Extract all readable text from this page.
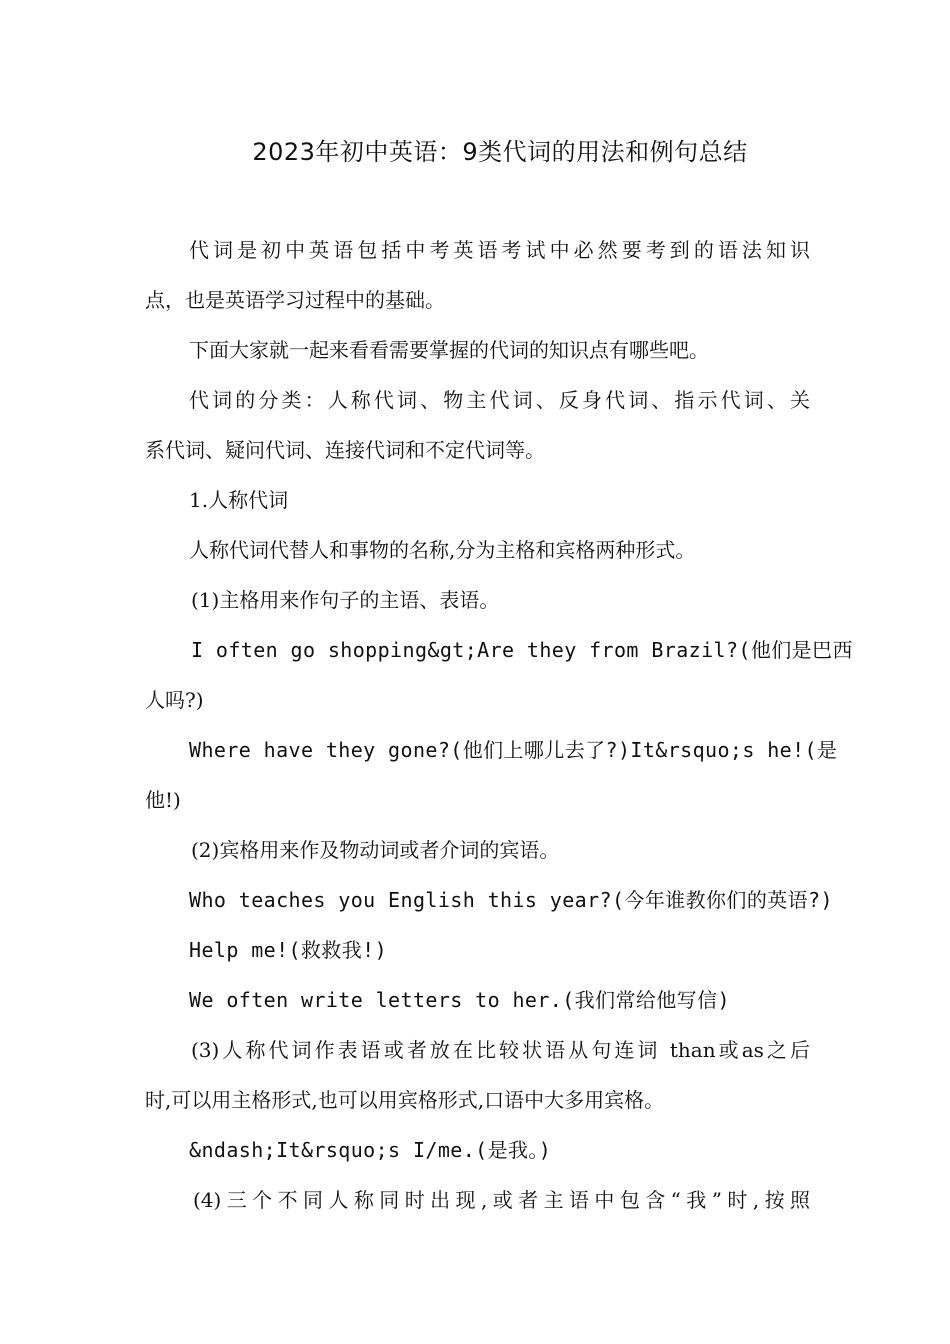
2023年初中英语：9类代词的用法和例句总结
代词是初中英语包括中考英语考试中必然要考到的语法知识
点，也是英语学习过程中的基础。
下面大家就一起来看看需要掌握的代词的知识点有哪些吧。
代词的分类：人称代词、物主代词、反身代词、指示代词、关
系代词、疑问代词、连接代词和不定代词等。
1.人称代词
人称代词代替人和事物的名称,分为主格和宾格两种形式。
(1)主格用来作句子的主语、表语。
I often go shopping&gt;Are they from Brazil?(他们是巴西
人吗?)
Where have they gone?(他们上哪儿去了?)It&rsquo;s he!(是
他!)
(2)宾格用来作及物动词或者介词的宾语。
Who teaches you English this year?(今年谁教你们的英语?)
Help me!(救救我!)
We often write letters to her.(我们常给他写信)
(3)人称代词作表语或者放在比较状语从句连词 than或as之后
时,可以用主格形式,也可以用宾格形式,口语中大多用宾格。
&ndash;It&rsquo;s I/me.(是我。)
(4)三个不同人称同时出现,或者主语中包含“我”时,按照
